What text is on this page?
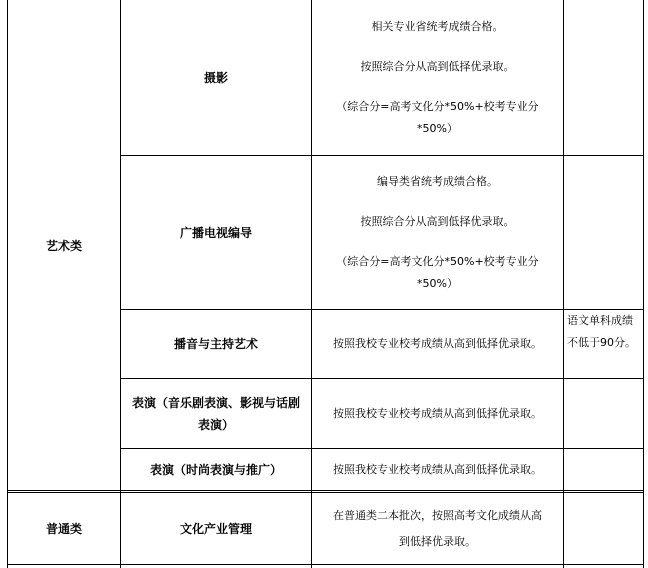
艺术类
普通类
摄影

相关专业省统考成绩合格。

按照综合分从高到低择优录取。

（综合分=高考文化分*50%+校考专业分

*50%）

广播电视编导

编导类省统考成绩合格。

按照综合分从高到低择优录取。

（综合分=高考文化分*50%+校考专业分

*50%）

播音与主持艺术	按照我校专业校考成绩从高到低择优录取。
语文单科成绩
不低于90分。
表演（音乐剧表演、影视与话剧
表演）
按照我校专业校考成绩从高到低择优录取。
表演（时尚表演与推广）	按照我校专业校考成绩从高到低择优录取。
文化产业管理

在普通类二本批次，按照高考文化成绩从高

到低择优录取。
